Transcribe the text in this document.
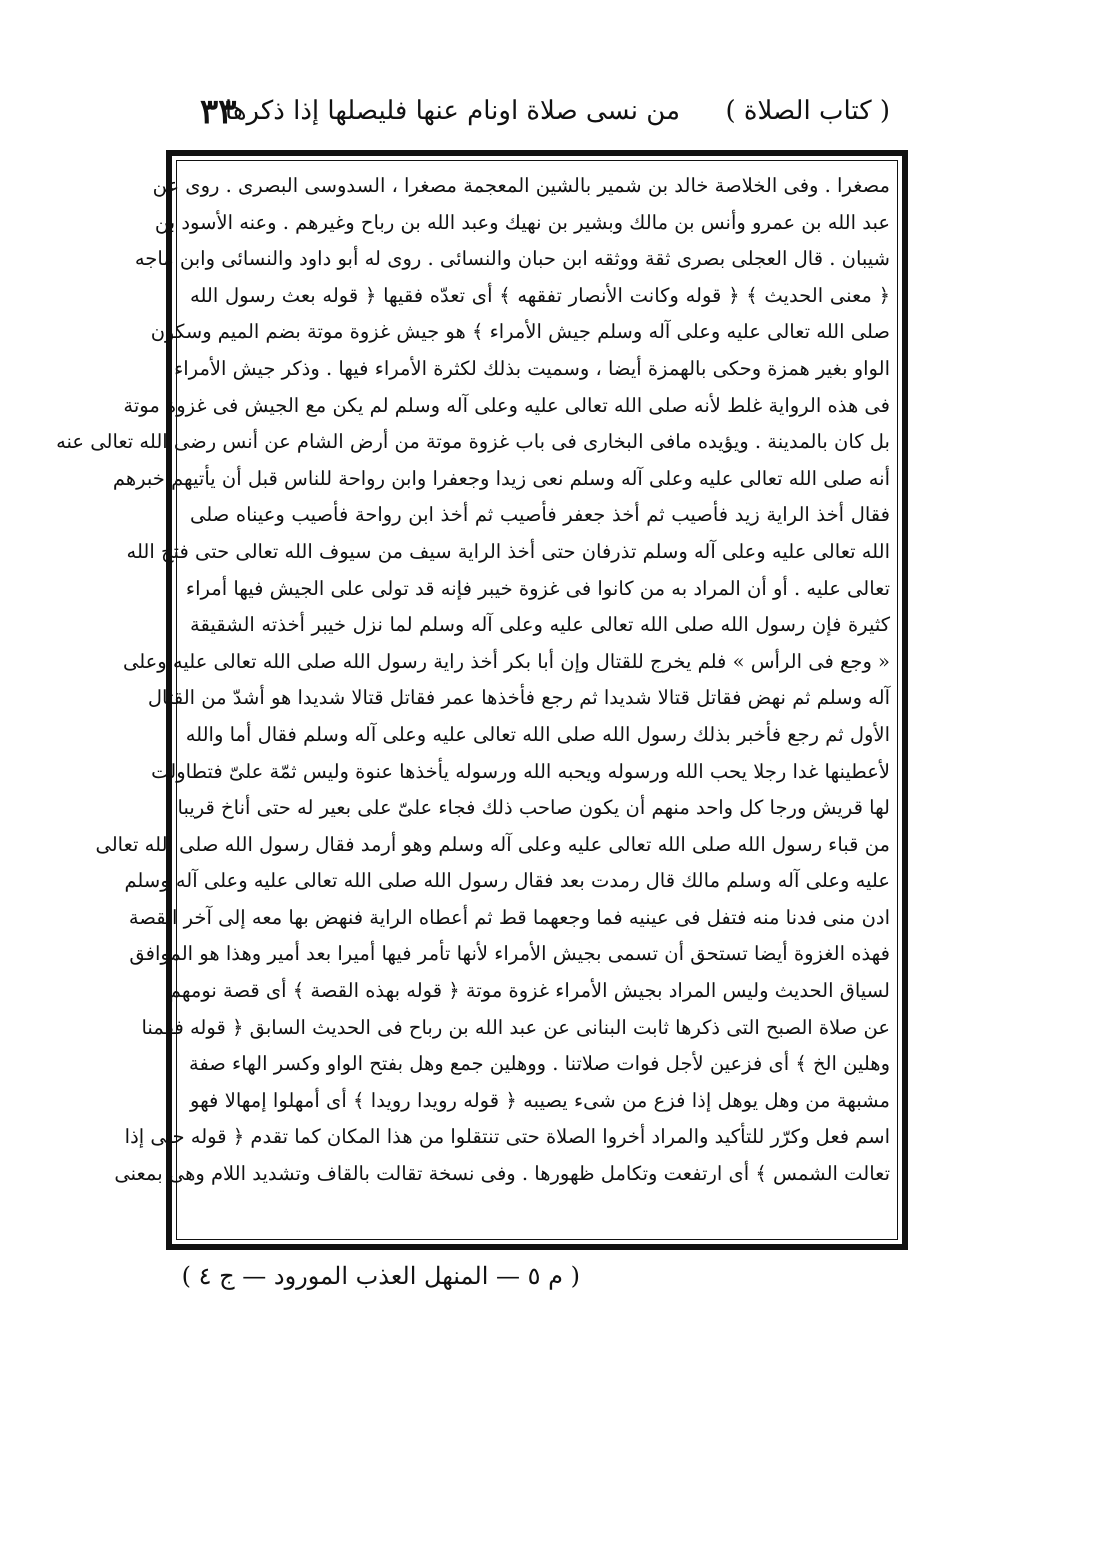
( كتاب الصلاة )
من نسى صلاة اونام عنها فليصلها إذا ذكرها
٣٣
مصغرا . وفى الخلاصة خالد بن شمير بالشين المعجمة مصغرا ، السدوسى البصرى . روى عن
عبد الله بن عمرو وأنس بن مالك وبشير بن نهيك وعبد الله بن رباح وغيرهم . وعنه الأسود بن
شيبان . قال العجلى بصرى ثقة ووثقه ابن حبان والنسائى . روى له أبو داود والنسائى وابن ماجه
﴿ معنى الحديث ﴾ ﴿ قوله وكانت الأنصار تفقهه ﴾ أى تعدّه فقيها ﴿ قوله بعث رسول الله
صلى الله تعالى عليه وعلى آله وسلم جيش الأمراء ﴾ هو جيش غزوة موتة بضم الميم وسكون
الواو بغير همزة وحكى بالهمزة أيضا ، وسميت بذلك لكثرة الأمراء فيها . وذكر جيش الأمراء
فى هذه الرواية غلط لأنه صلى الله تعالى عليه وعلى آله وسلم لم يكن مع الجيش فى غزوة موتة
بل كان بالمدينة . ويؤيده مافى البخارى فى باب غزوة موتة من أرض الشام عن أنس رضى الله تعالى عنه
أنه صلى الله تعالى عليه وعلى آله وسلم نعى زيدا وجعفرا وابن رواحة للناس قبل أن يأتيهم خبرهم
فقال أخذ الراية زيد فأصيب ثم أخذ جعفر فأصيب ثم أخذ ابن رواحة فأصيب وعيناه صلى
الله تعالى عليه وعلى آله وسلم تذرفان حتى أخذ الراية سيف من سيوف الله تعالى حتى فتح الله
تعالى عليه . أو أن المراد به من كانوا فى غزوة خيبر فإنه قد تولى على الجيش فيها أمراء
كثيرة فإن رسول الله صلى الله تعالى عليه وعلى آله وسلم لما نزل خيبر أخذته الشقيقة
« وجع فى الرأس » فلم يخرج للقتال وإن أبا بكر أخذ راية رسول الله صلى الله تعالى عليه وعلى
آله وسلم ثم نهض فقاتل قتالا شديدا ثم رجع فأخذها عمر فقاتل قتالا شديدا هو أشدّ من القتال
الأول ثم رجع فأخبر بذلك رسول الله صلى الله تعالى عليه وعلى آله وسلم فقال أما والله
لأعطينها غدا رجلا يحب الله ورسوله ويحبه الله ورسوله يأخذها عنوة وليس ثمّة علىّ فتطاولت
لها قريش ورجا كل واحد منهم أن يكون صاحب ذلك فجاء علىّ على بعير له حتى أناخ قريبا
من قباء رسول الله صلى الله تعالى عليه وعلى آله وسلم وهو أرمد فقال رسول الله صلى الله تعالى
عليه وعلى آله وسلم مالك قال رمدت بعد فقال رسول الله صلى الله تعالى عليه وعلى آله وسلم
ادن منى فدنا منه فتفل فى عينيه فما وجعهما قط ثم أعطاه الراية فنهض بها معه إلى آخر القصة
فهذه الغزوة أيضا تستحق أن تسمى بجيش الأمراء لأنها تأمر فيها أميرا بعد أمير وهذا هو الموافق
لسياق الحديث وليس المراد بجيش الأمراء غزوة موتة ﴿ قوله بهذه القصة ﴾ أى قصة نومهم
عن صلاة الصبح التى ذكرها ثابت البنانى عن عبد الله بن رباح فى الحديث السابق ﴿ قوله فقمنا
وهلين الخ ﴾ أى فزعين لأجل فوات صلاتنا . ووهلين جمع وهل بفتح الواو وكسر الهاء صفة
مشبهة من وهل يوهل إذا فزع من شىء يصيبه ﴿ قوله رويدا رويدا ﴾ أى أمهلوا إمهالا فهو
اسم فعل وكرّر للتأكيد والمراد أخروا الصلاة حتى تنتقلوا من هذا المكان كما تقدم ﴿ قوله حتى إذا
تعالت الشمس ﴾ أى ارتفعت وتكامل ظهورها . وفى نسخة تقالت بالقاف وتشديد اللام وهى بمعنى
( م ٥ — المنهل العذب المورود — ج ٤ )
